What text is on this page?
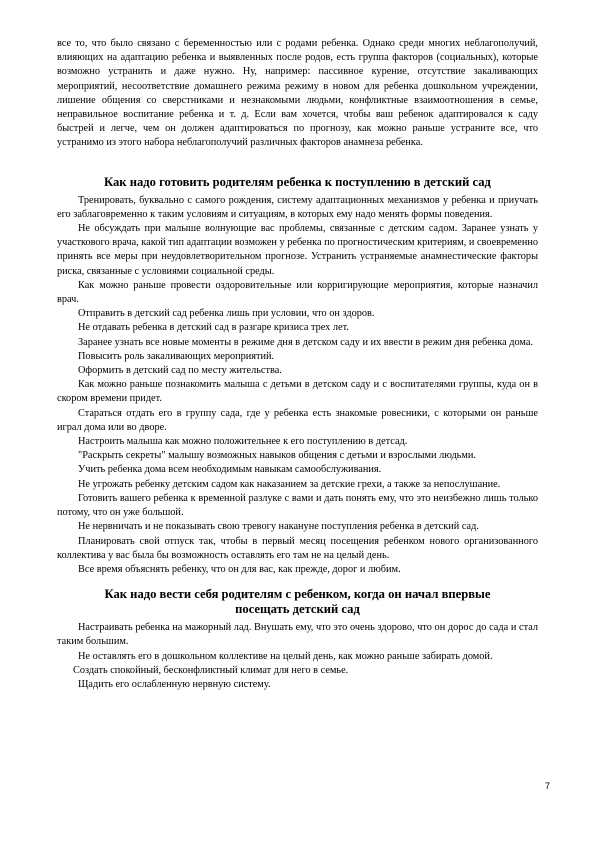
все то, что было связано с беременностью или с родами ребенка. Однако среди многих неблагополучий, влияющих на адаптацию ребенка и выявленных после родов, есть группа факторов (социальных), которые возможно устранить и даже нужно. Ну, например: пассивное курение, отсутствие закаливающих мероприятий, несоответствие домашнего режима режиму в новом для ребенка дошкольном учреждении, лишение общения со сверстниками и незнакомыми людьми, конфликтные взаимоотношения в семье, неправильное воспитание ребенка и т. д. Если вам хочется, чтобы ваш ребенок адаптировался к саду быстрей и легче, чем он должен адаптироваться по прогнозу, как можно раньше устраните все, что устранимо из этого набора неблагополучий различных факторов анамнеза ребенка.

Как надо готовить родителям ребенка к поступлению в детский сад

Тренировать, буквально с самого рождения, систему адаптационных механизмов у ребенка и приучать его заблаговременно к таким условиям и ситуациям, в которых ему надо менять формы поведения.

Не обсуждать при малыше волнующие вас проблемы, связанные с детским садом. Заранее узнать у участкового врача, какой тип адаптации возможен у ребенка по прогностическим критериям, и своевременно принять все меры при неудовлетворительном прогнозе. Устранить устраняемые анамнестические факторы риска, связанные с условиями социальной среды.

Как можно раньше провести оздоровительные или корригирующие мероприятия, которые назначил врач.

Отправить в детский сад ребенка лишь при условии, что он здоров.

Не отдавать ребенка в детский сад в разгаре кризиса трех лет.

Заранее узнать все новые моменты в режиме дня в детском саду и их ввести в режим дня ребенка дома.

Повысить роль закаливающих мероприятий.

Оформить в детский сад по месту жительства.

Как можно раньше познакомить малыша с детьми в детском саду и с воспитателями группы, куда он в скором времени придет.

Стараться отдать его в группу сада, где у ребенка есть знакомые ровесники, с которыми он раньше играл дома или во дворе.

Настроить малыша как можно положительнее к его поступлению в детсад.

"Раскрыть секреты" малышу возможных навыков общения с детьми и взрослыми людьми.

Учить ребенка дома всем необходимым навыкам самообслуживания.

Не угрожать ребенку детским садом как наказанием за детские грехи, а также за непослушание.

Готовить вашего ребенка к временной разлуке с вами и дать понять ему, что это неизбежно лишь только потому, что он уже большой.

Не нервничать и не показывать свою тревогу накануне поступления ребенка в детский сад.

Планировать свой отпуск так, чтобы в первый месяц посещения ребенком нового организованного коллектива у вас была бы возможность оставлять его там не на целый день.

Все время объяснять ребенку, что он для вас, как прежде, дорог и любим.

Как надо вести себя родителям с ребенком, когда он начал впервые
посещать детский сад

Настраивать ребенка на мажорный лад. Внушать ему, что это очень здорово, что он дорос до сада и стал таким большим.

Не оставлять его в дошкольном коллективе на целый день, как можно раньше забирать домой.

Создать спокойный, бесконфликтный климат для него в семье.

Щадить его ослабленную нервную систему.

7
